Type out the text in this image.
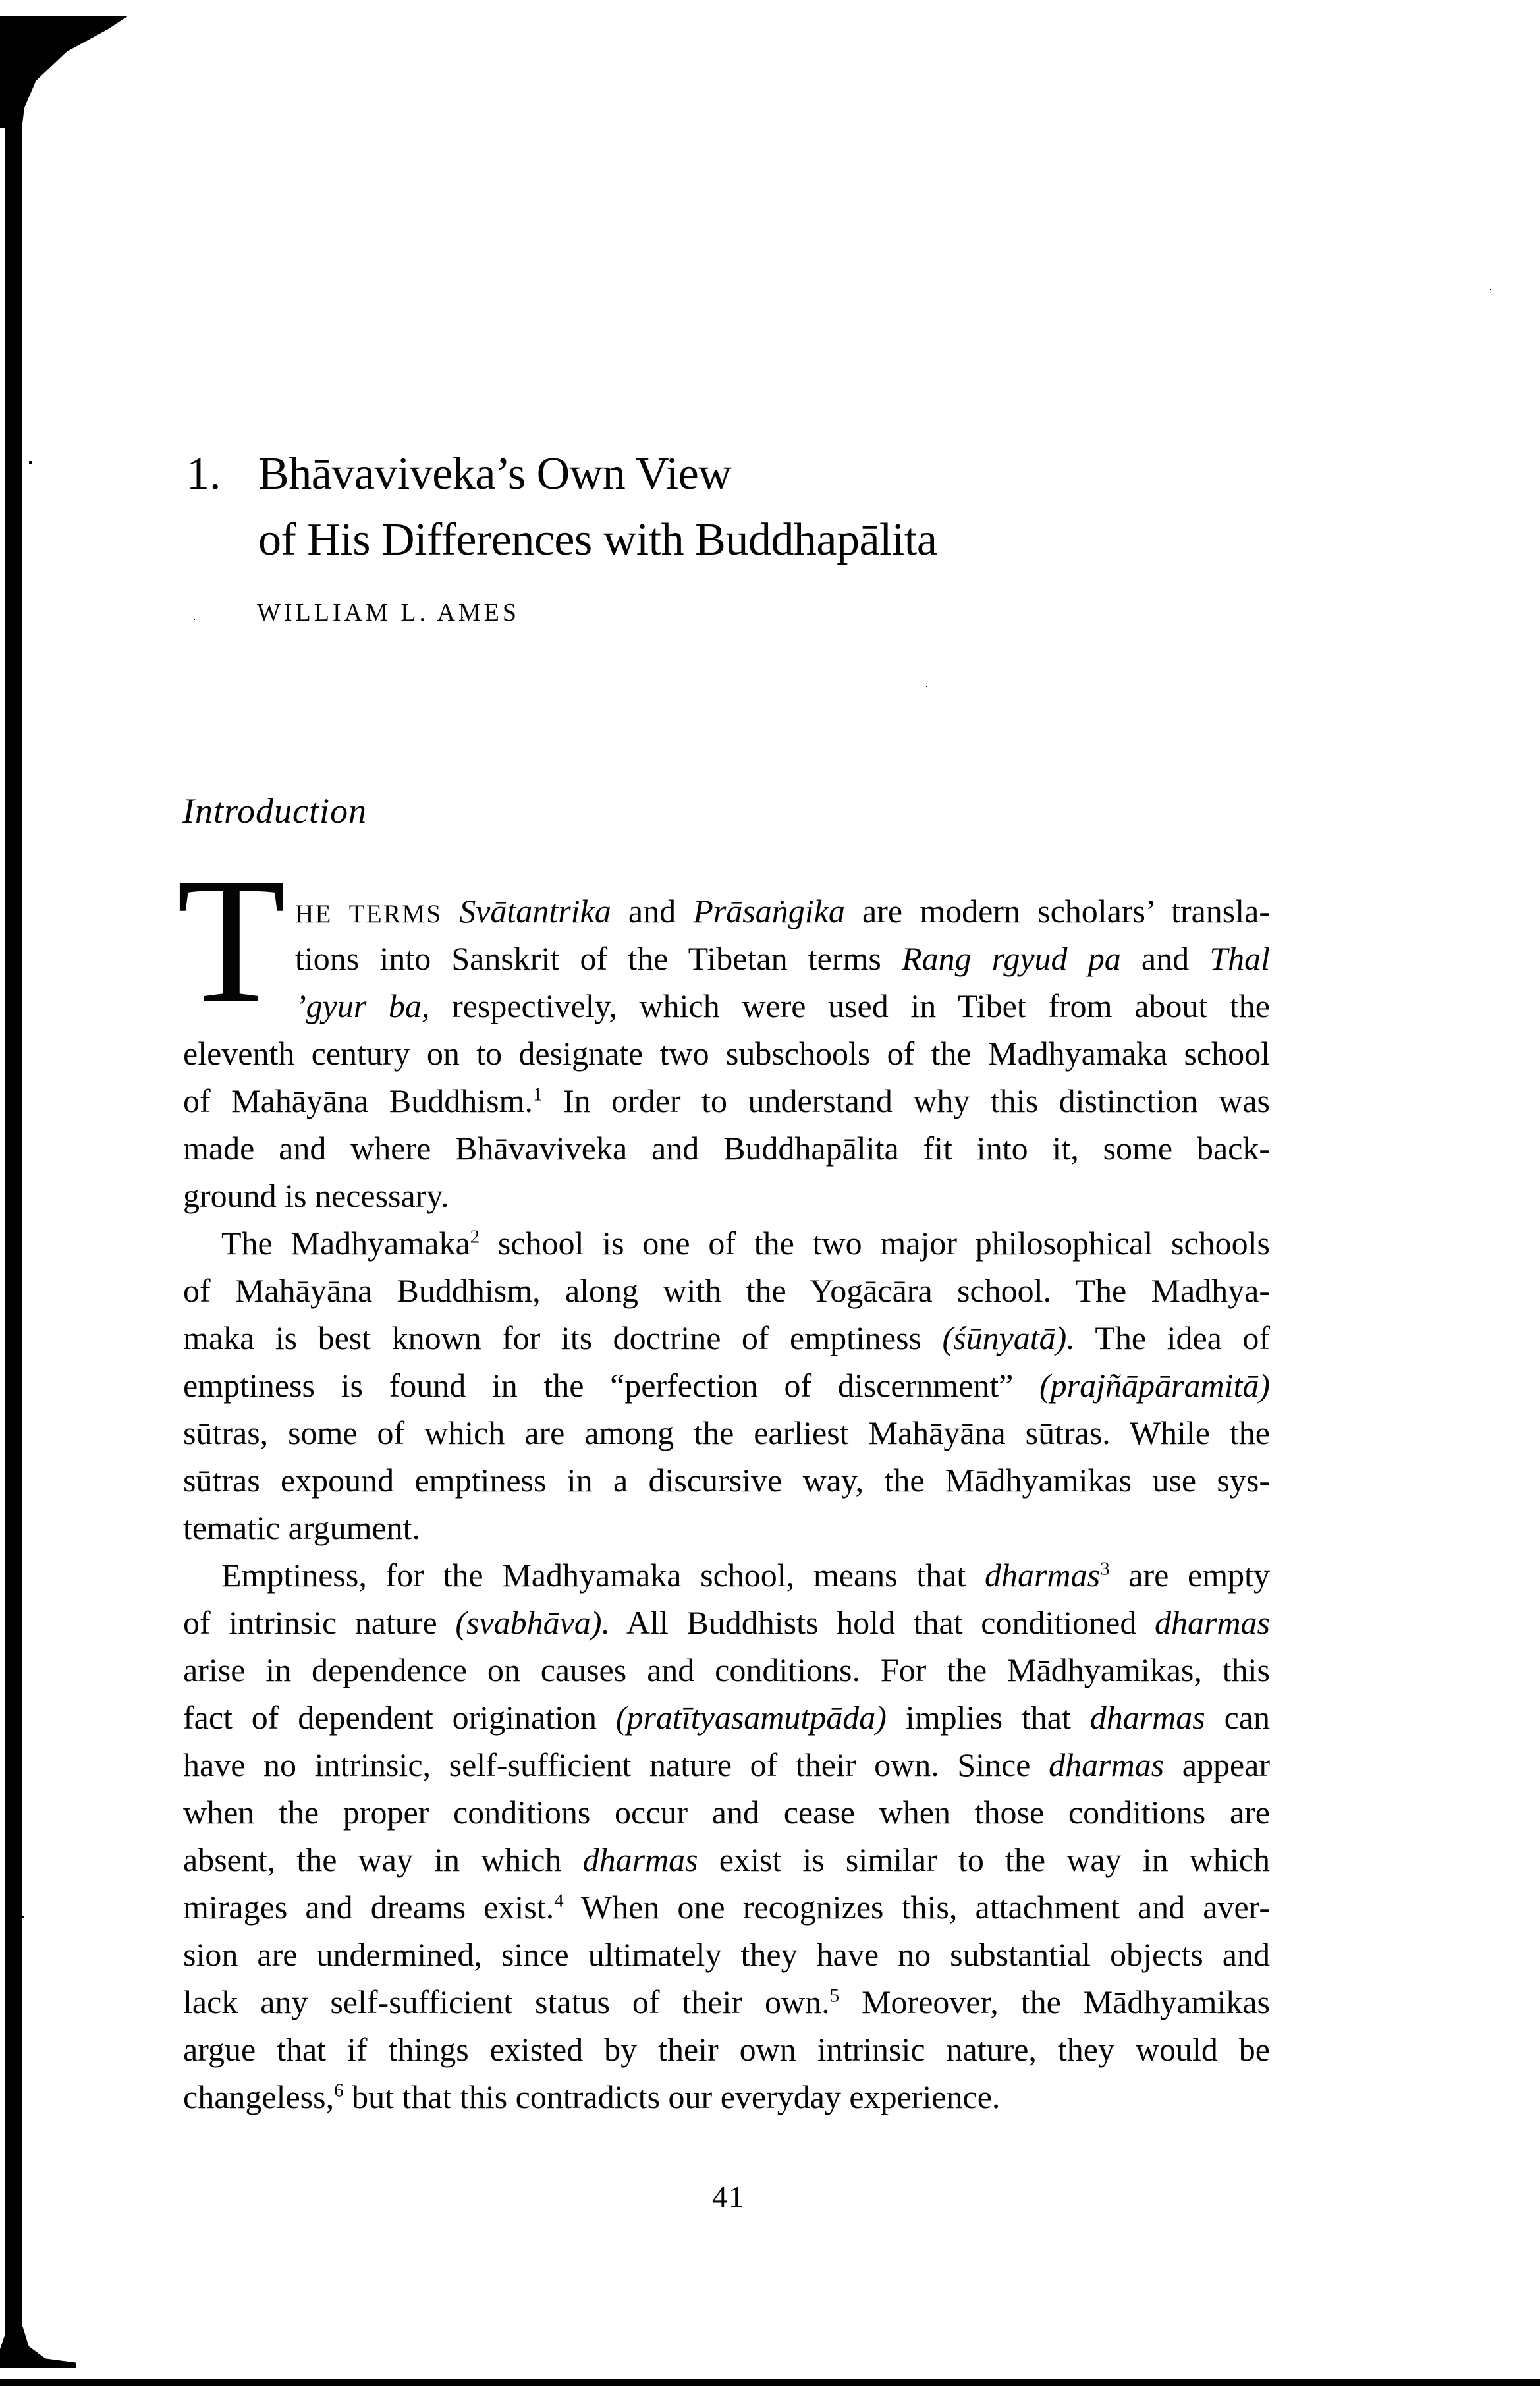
1. Bhāvaviveka’s Own View
of His Differences with Buddhapālita
WILLIAM L. AMES
Introduction
T HE TERMS Svātantrika and Prāsaṅgika are modern scholars’ transla-
tions into Sanskrit of the Tibetan terms Rang rgyud pa and Thal
’gyur ba, respectively, which were used in Tibet from about the
eleventh century on to designate two subschools of the Madhyamaka school
of Mahāyāna Buddhism.$^1$ In order to understand why this distinction was
made and where Bhāvaviveka and Buddhapālita fit into it, some back-
ground is necessary.
The Madhyamaka$^2$ school is one of the two major philosophical schools
of Mahāyāna Buddhism, along with the Yogācāra school. The Madhya-
maka is best known for its doctrine of emptiness (śūnyatā). The idea of
emptiness is found in the “perfection of discernment” (prajñāpāramitā)
sūtras, some of which are among the earliest Mahāyāna sūtras. While the
sūtras expound emptiness in a discursive way, the Mādhyamikas use sys-
tematic argument.
Emptiness, for the Madhyamaka school, means that dharmas$^3$ are empty
of intrinsic nature (svabhāva). All Buddhists hold that conditioned dharmas
arise in dependence on causes and conditions. For the Mādhyamikas, this
fact of dependent origination (pratītyasamutpāda) implies that dharmas can
have no intrinsic, self-sufficient nature of their own. Since dharmas appear
when the proper conditions occur and cease when those conditions are
absent, the way in which dharmas exist is similar to the way in which
mirages and dreams exist.$^4$ When one recognizes this, attachment and aver-
sion are undermined, since ultimately they have no substantial objects and
lack any self-sufficient status of their own.$^5$ Moreover, the Mādhyamikas
argue that if things existed by their own intrinsic nature, they would be
changeless,$^6$ but that this contradicts our everyday experience.
41
